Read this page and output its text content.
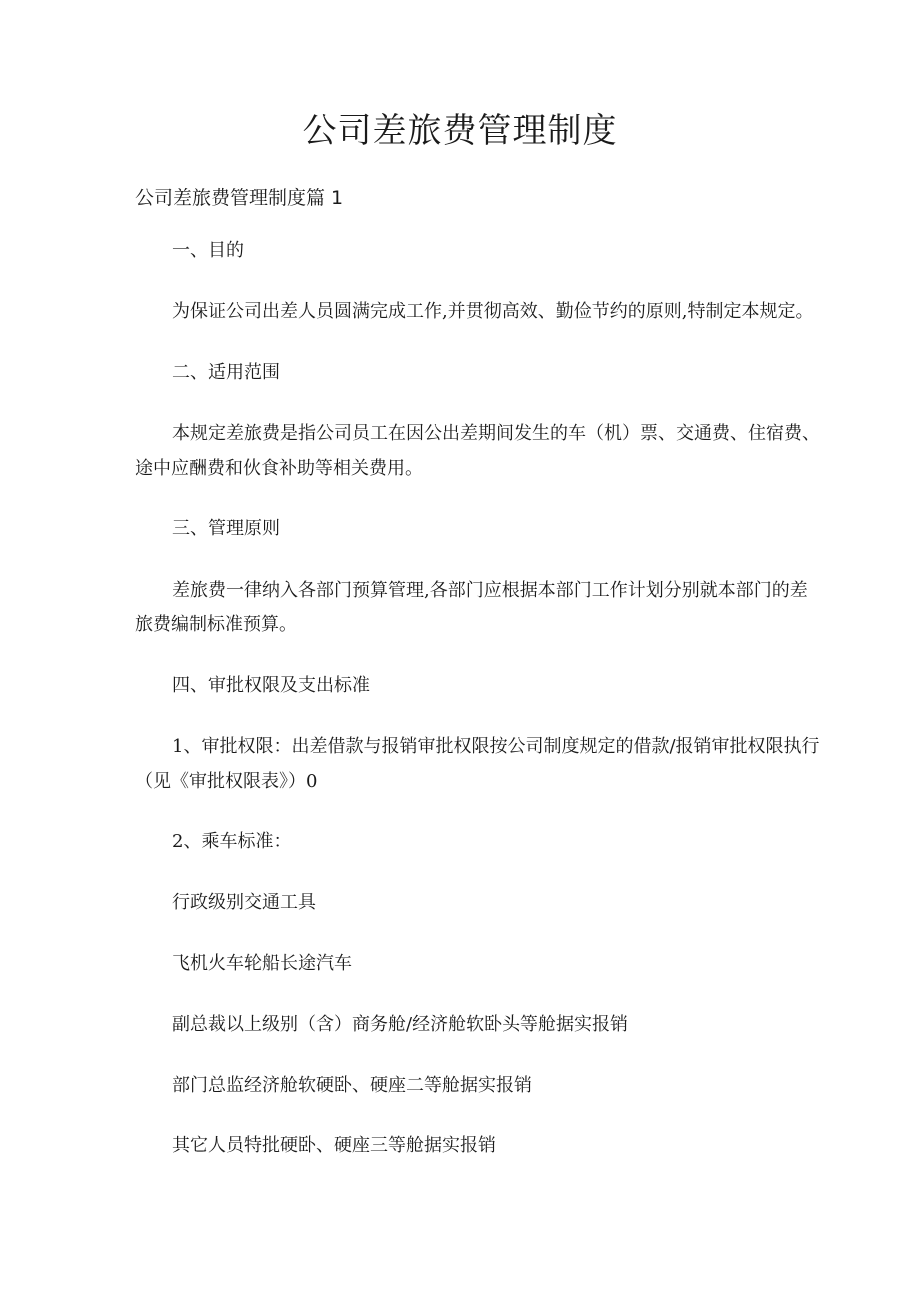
公司差旅费管理制度

公司差旅费管理制度篇 1

一、目的

为保证公司出差人员圆满完成工作,并贯彻高效、勤俭节约的原则,特制定本规定。

二、适用范围

本规定差旅费是指公司员工在因公出差期间发生的车（机）票、交通费、住宿费、

途中应酬费和伙食补助等相关费用。

三、管理原则

差旅费一律纳入各部门预算管理,各部门应根据本部门工作计划分别就本部门的差

旅费编制标准预算。

四、审批权限及支出标准

1、审批权限：出差借款与报销审批权限按公司制度规定的借款/报销审批权限执行

（见《审批权限表》）0

2、乘车标准：

行政级别交通工具

飞机火车轮船长途汽车

副总裁以上级别（含）商务舱/经济舱软卧头等舱据实报销

部门总监经济舱软硬卧、硬座二等舱据实报销

其它人员特批硬卧、硬座三等舱据实报销
